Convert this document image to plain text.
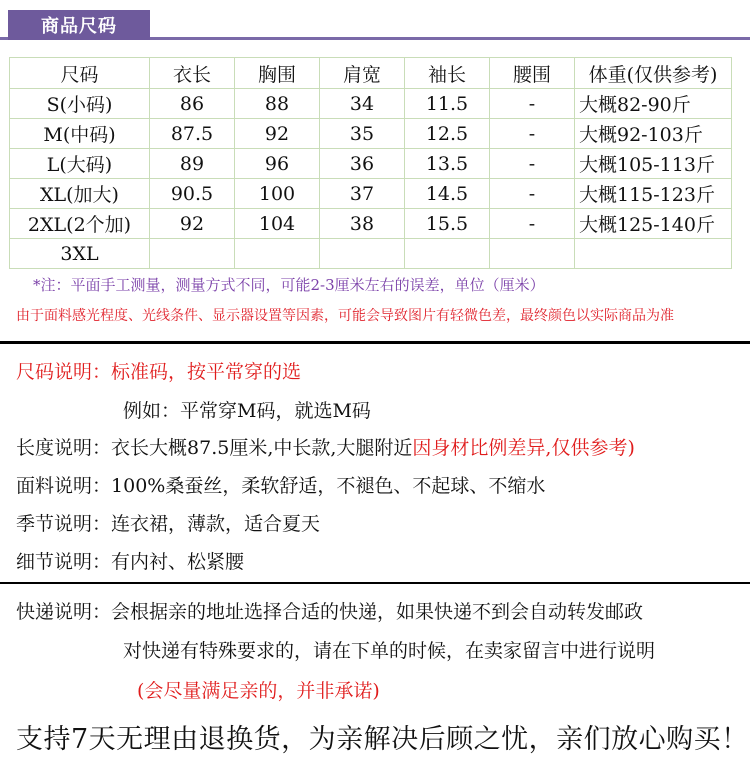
商品尺码
尺码	衣长	胸围	肩宽	袖长	腰围	体重(仅供参考)
S(小码)	86	88	34	11.5	-	大概82-90斤
M(中码)	87.5	92	35	12.5	-	大概92-103斤
L(大码)	89	96	36	13.5	-	大概105-113斤
XL(加大)	90.5	100	37	14.5	-	大概115-123斤
2XL(2个加)	92	104	38	15.5	-	大概125-140斤
3XL						
*注：平面手工测量，测量方式不同，可能2-3厘米左右的误差，单位（厘米）
由于面料感光程度、光线条件、显示器设置等因素，可能会导致图片有轻微色差，最终颜色以实际商品为准
尺码说明：标准码，按平常穿的选
例如：平常穿M码，就选M码
长度说明：衣长大概87.5厘米,中长款,大腿附近因身材比例差异,仅供参考)
面料说明：100%桑蚕丝，柔软舒适，不褪色、不起球、不缩水
季节说明：连衣裙，薄款，适合夏天
细节说明：有内衬、松紧腰
快递说明：会根据亲的地址选择合适的快递，如果快递不到会自动转发邮政
对快递有特殊要求的，请在下单的时候，在卖家留言中进行说明
(会尽量满足亲的，并非承诺)
支持7天无理由退换货，为亲解决后顾之忧，亲们放心购买！
